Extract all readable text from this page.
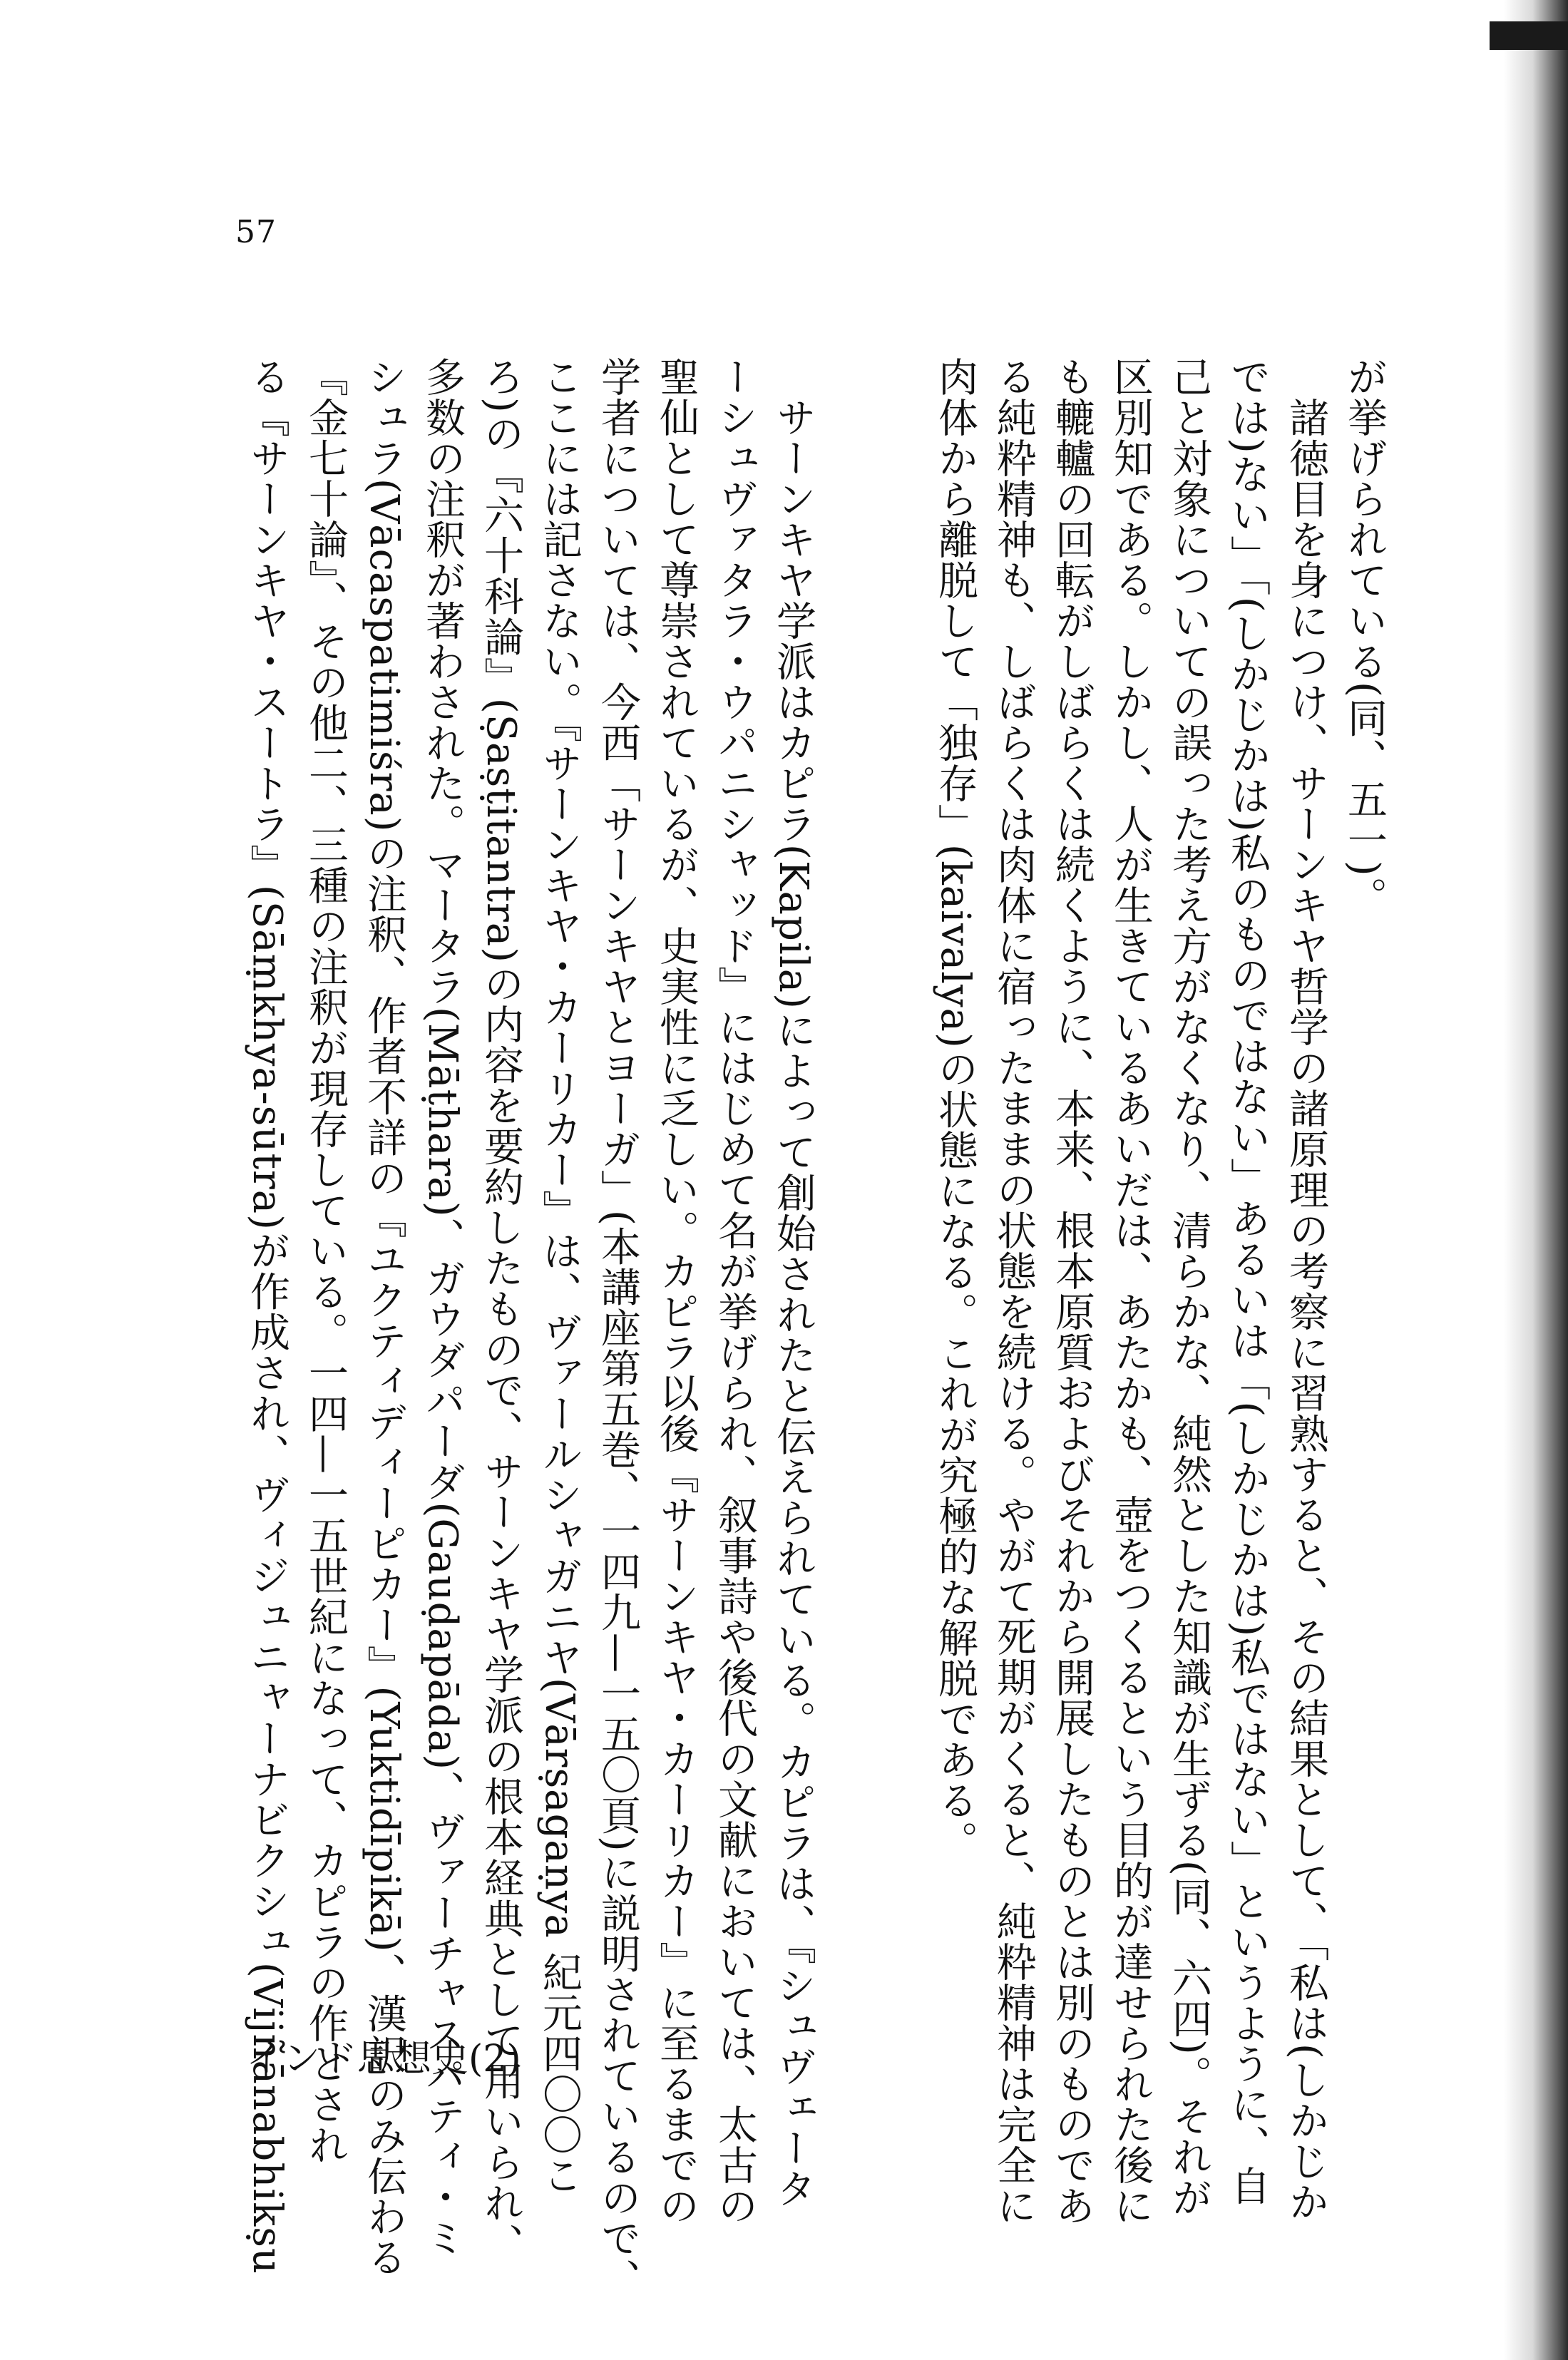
57
が挙げられている(同、五一)。
　諸徳目を身につけ、サーンキヤ哲学の諸原理の考察に習熟すると、その結果として、「私は(しかじか
では)ない」「(しかじかは)私のものではない」あるいは「(しかじかは)私ではない」というように、自
己と対象についての誤った考え方がなくなり、清らかな、純然とした知識が生ずる(同、六四)。それが
区別知である。しかし、人が生きているあいだは、あたかも、壺をつくるという目的が達せられた後に
も轆轤の回転がしばらくは続くように、本来、根本原質およびそれから開展したものとは別のものであ
る純粋精神も、しばらくは肉体に宿ったままの状態を続ける。やがて死期がくると、純粋精神は完全に
肉体から離脱して「独存」(kaivalya)の状態になる。これが究極的な解脱である。
　サーンキヤ学派はカピラ(Kapila)によって創始されたと伝えられている。カピラは、『シュヴェータ
ーシュヴァタラ・ウパニシャッド』にはじめて名が挙げられ、叙事詩や後代の文献においては、太古の
聖仙として尊崇されているが、史実性に乏しい。カピラ以後『サーンキヤ・カーリカー』に至るまでの
学者については、今西「サーンキヤとヨーガ」(本講座第五巻、一四九—一五〇頁)に説明されているので、
ここには記さない。『サーンキヤ・カーリカー』は、ヴァールシャガニヤ(Vārṣagaṇya 紀元四〇〇こ
ろ)の『六十科論』(Ṣaṣṭitantra)の内容を要約したもので、サーンキヤ学派の根本経典として用いられ、
多数の注釈が著わされた。マータラ(Māṭhara)、ガウダパーダ(Gauḍapāda)、ヴァーチャスパティ・ミ
シュラ(Vācaspatimiśra)の注釈、作者不詳の『ユクティディーピカー』(Yuktidīpikā)、漢訳のみ伝わる
『金七十論』、その他二、三種の注釈が現存している。一四—一五世紀になって、カピラの作とされ
る『サーンキヤ・スートラ』(Sāṃkhya-sūtra)が作成され、ヴィジュニャーナビクシュ(Vijñānabhikṣu
インド思想史(2)
